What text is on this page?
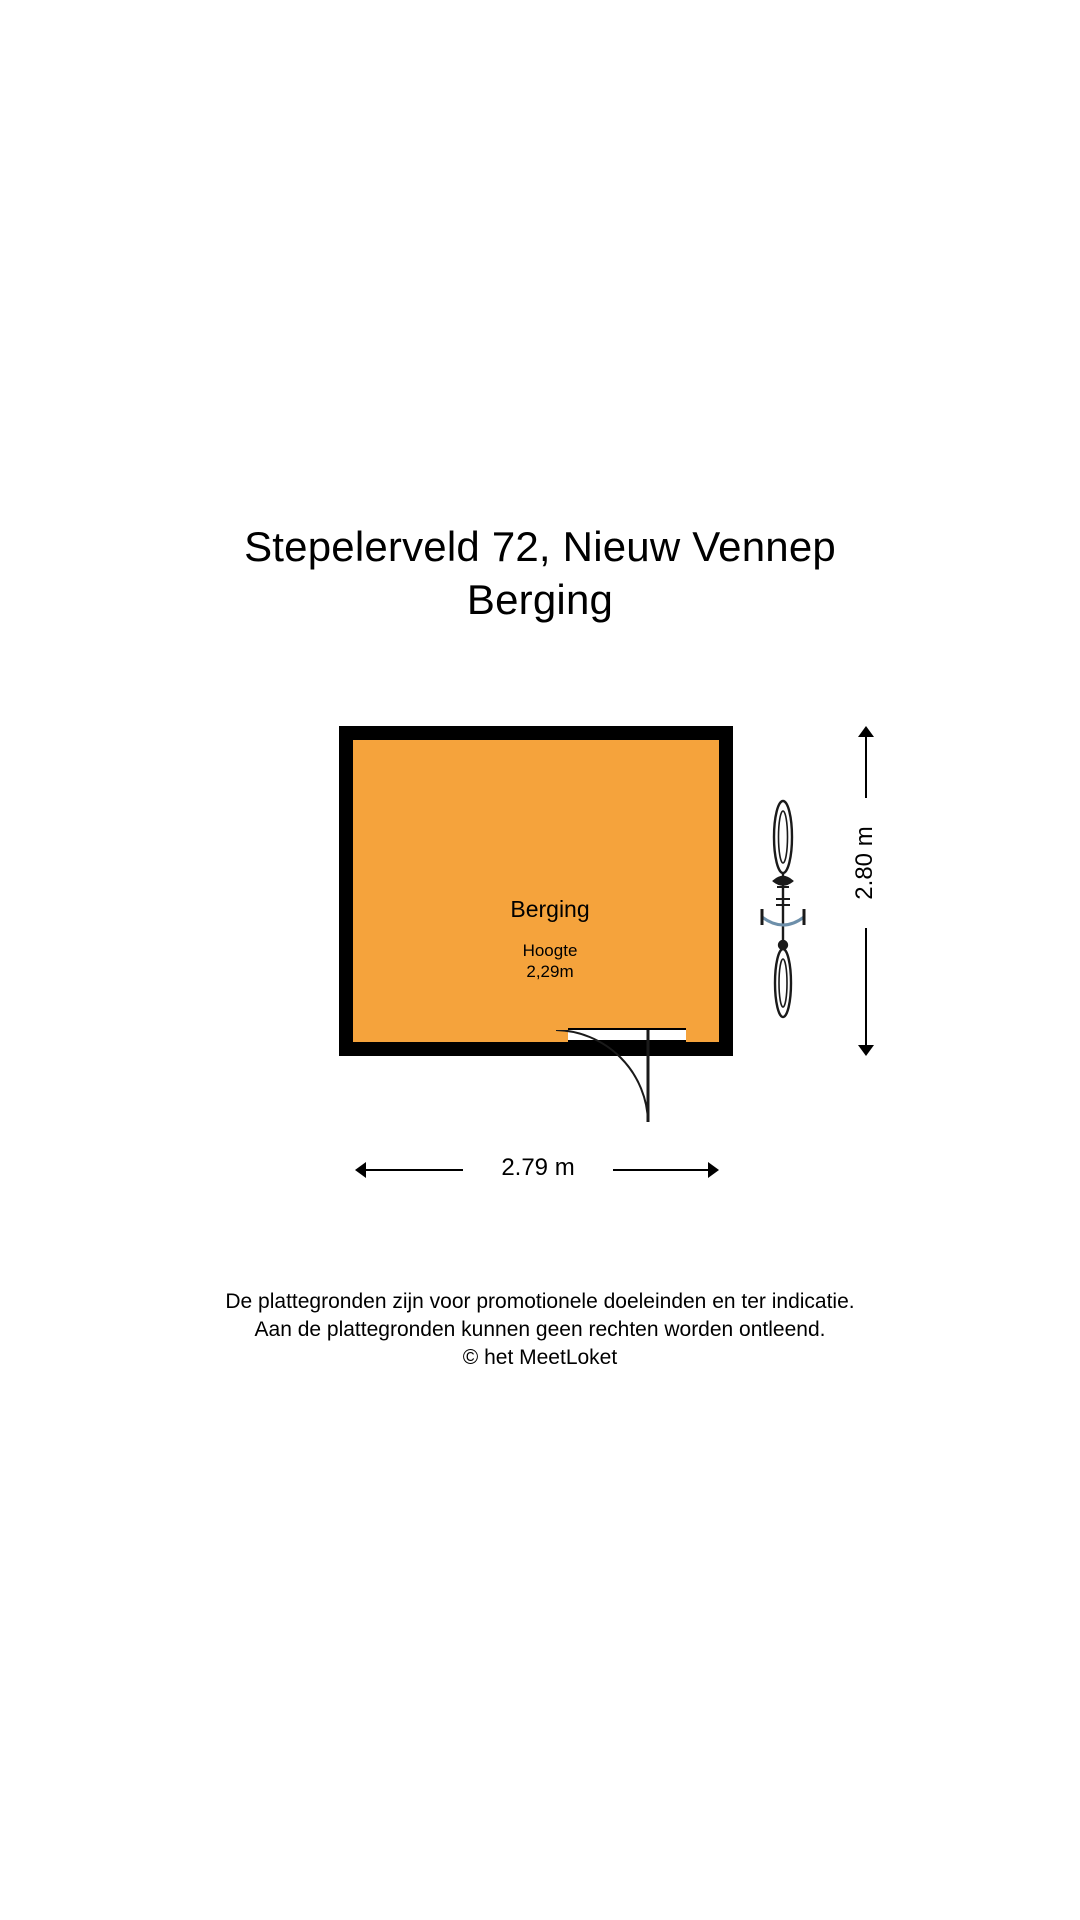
Stepelerveld 72, Nieuw Vennep
Berging
Berging
Hoogte
2,29m
2.80 m
2.79 m
De plattegronden zijn voor promotionele doeleinden en ter indicatie.
Aan de plattegronden kunnen geen rechten worden ontleend.
© het MeetLoket
